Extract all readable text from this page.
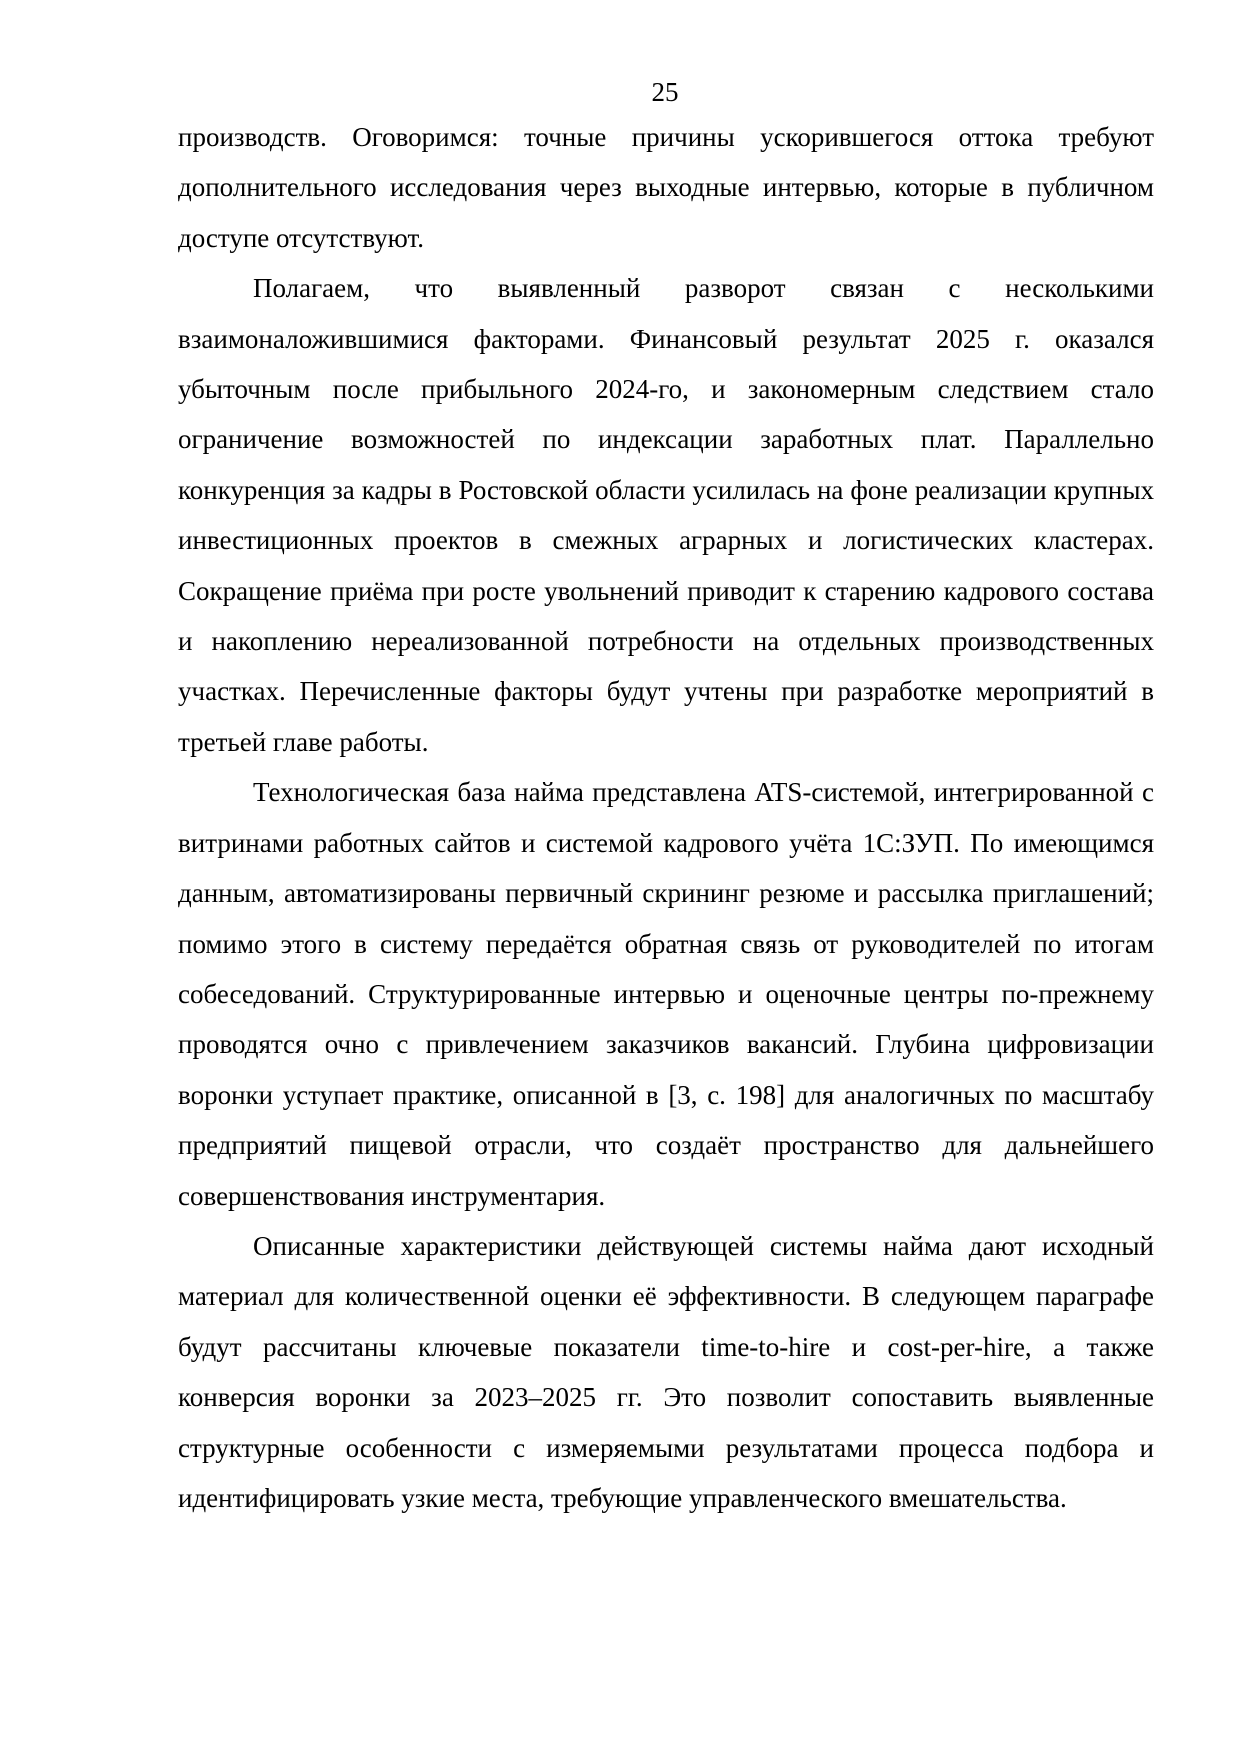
25

производств. Оговоримся: точные причины ускорившегося оттока требуют дополнительного исследования через выходные интервью, которые в публичном доступе отсутствуют.

Полагаем, что выявленный разворот связан с несколькими взаимоналожившимися факторами. Финансовый результат 2025 г. оказался убыточным после прибыльного 2024-го, и закономерным следствием стало ограничение возможностей по индексации заработных плат. Параллельно конкуренция за кадры в Ростовской области усилилась на фоне реализации крупных инвестиционных проектов в смежных аграрных и логистических кластерах. Сокращение приёма при росте увольнений приводит к старению кадрового состава и накоплению нереализованной потребности на отдельных производственных участках. Перечисленные факторы будут учтены при разработке мероприятий в третьей главе работы.

Технологическая база найма представлена ATS-системой, интегрированной с витринами работных сайтов и системой кадрового учёта 1С:ЗУП. По имеющимся данным, автоматизированы первичный скрининг резюме и рассылка приглашений; помимо этого в систему передаётся обратная связь от руководителей по итогам собеседований. Структурированные интервью и оценочные центры по-прежнему проводятся очно с привлечением заказчиков вакансий. Глубина цифровизации воронки уступает практике, описанной в [3, с. 198] для аналогичных по масштабу предприятий пищевой отрасли, что создаёт пространство для дальнейшего совершенствования инструментария.

Описанные характеристики действующей системы найма дают исходный материал для количественной оценки её эффективности. В следующем параграфе будут рассчитаны ключевые показатели time-to-hire и cost-per-hire, а также конверсия воронки за 2023–2025 гг. Это позволит сопоставить выявленные структурные особенности с измеряемыми результатами процесса подбора и идентифицировать узкие места, требующие управленческого вмешательства.
